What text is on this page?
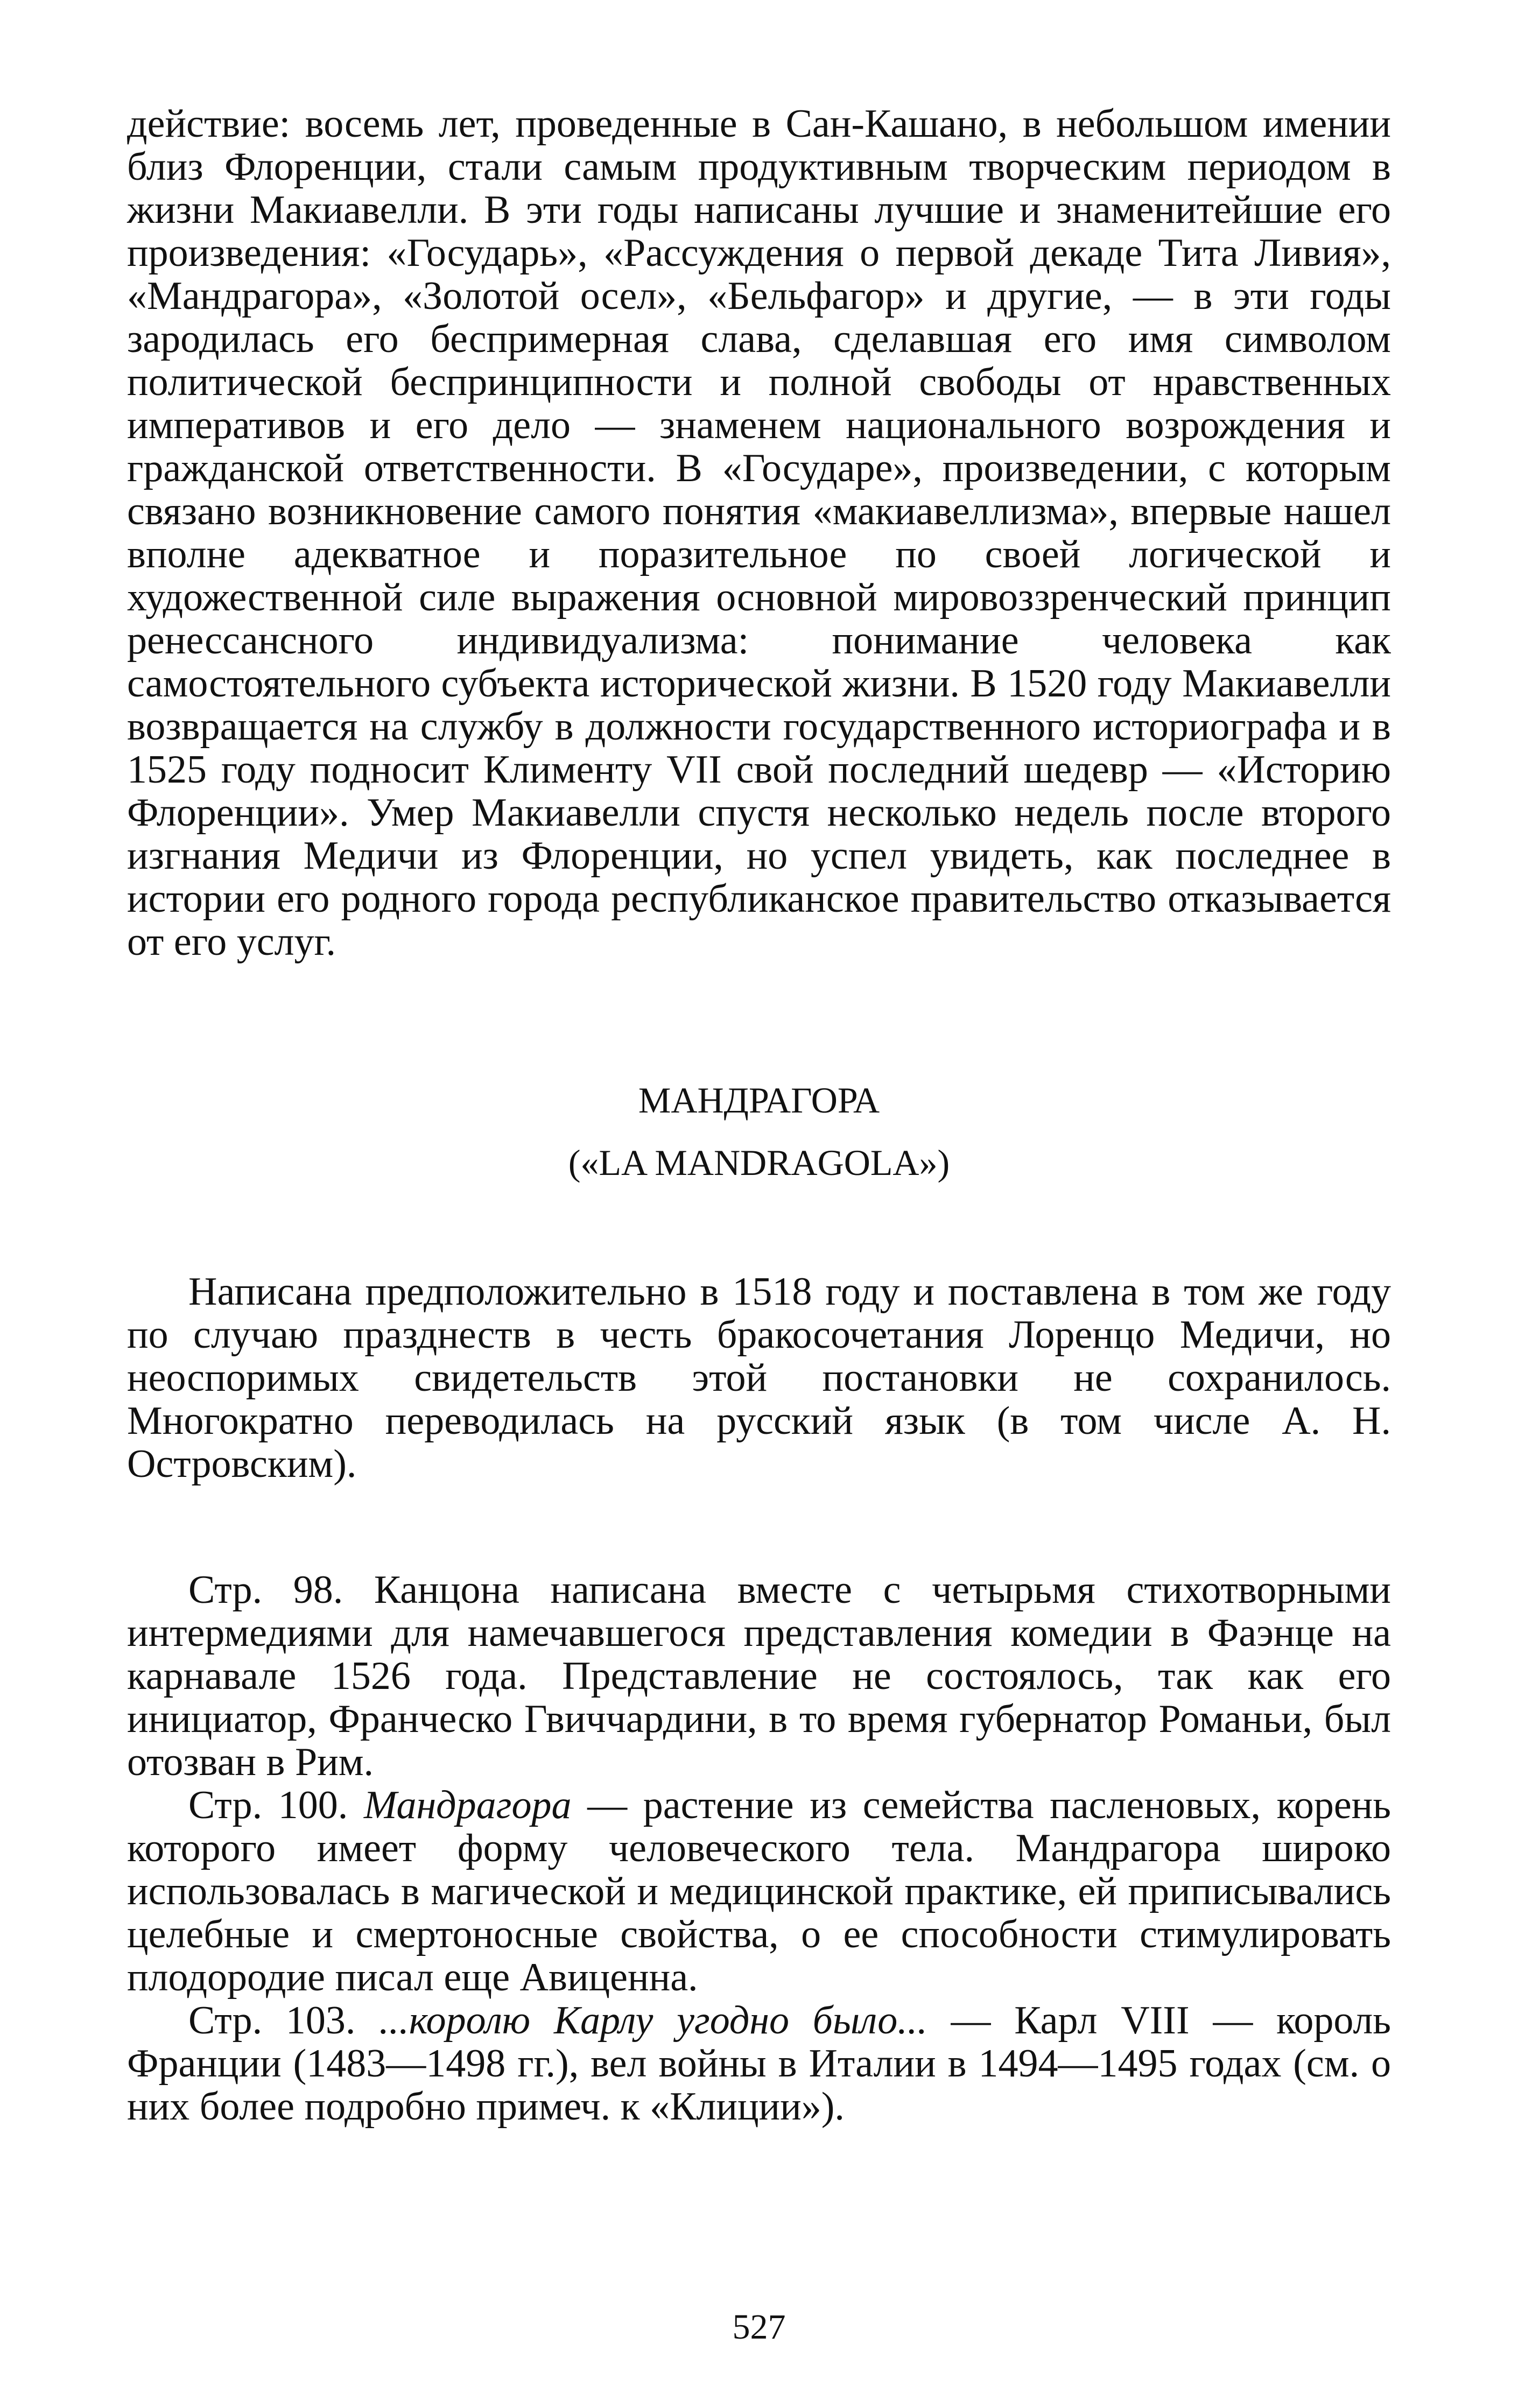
действие: восемь лет, проведенные в Сан-Кашано, в небольшом имении близ Флоренции, стали самым продуктивным творческим периодом в жизни Макиавелли. В эти годы написаны лучшие и знаменитейшие его произведения: «Государь», «Рассуждения о первой декаде Тита Ливия», «Мандрагора», «Золотой осел», «Бельфагор» и другие, — в эти годы зародилась его беспримерная слава, сделавшая его имя символом политической беспринципности и полной свободы от нравственных императивов и его дело — знаменем национального возрождения и гражданской ответственности. В «Государе», произведении, с которым связано возникновение самого понятия «макиавеллизма», впервые нашел вполне адекватное и поразительное по своей логической и художественной силе выражения основной мировоззренческий принцип ренессансного индивидуализма: понимание человека как самостоятельного субъекта исторической жизни. В 1520 году Макиавелли возвращается на службу в должности государственного историографа и в 1525 году подносит Клименту VII свой последний шедевр — «Историю Флоренции». Умер Макиавелли спустя несколько недель после второго изгнания Медичи из Флоренции, но успел увидеть, как последнее в истории его родного города республиканское правительство отказывается от его услуг.

МАНДРАГОРА

(«LA MANDRAGOLA»)

Написана предположительно в 1518 году и поставлена в том же году по случаю празднеств в честь бракосочетания Лоренцо Медичи, но неоспоримых свидетельств этой постановки не сохранилось. Многократно переводилась на русский язык (в том числе А. Н. Островским).

Стр. 98. Канцона написана вместе с четырьмя стихотворными интермедиями для намечавшегося представления комедии в Фаэнце на карнавале 1526 года. Представление не состоялось, так как его инициатор, Франческо Гвиччардини, в то время губернатор Романьи, был отозван в Рим.

Стр. 100. Мандрагора — растение из семейства пасленовых, корень которого имеет форму человеческого тела. Мандрагора широко использовалась в магической и медицинской практике, ей приписывались целебные и смертоносные свойства, о ее способности стимулировать плодородие писал еще Авиценна.

Стр. 103. ...королю Карлу угодно было... — Карл VIII — король Франции (1483—1498 гг.), вел войны в Италии в 1494—1495 годах (см. о них более подробно примеч. к «Клиции»).

527
